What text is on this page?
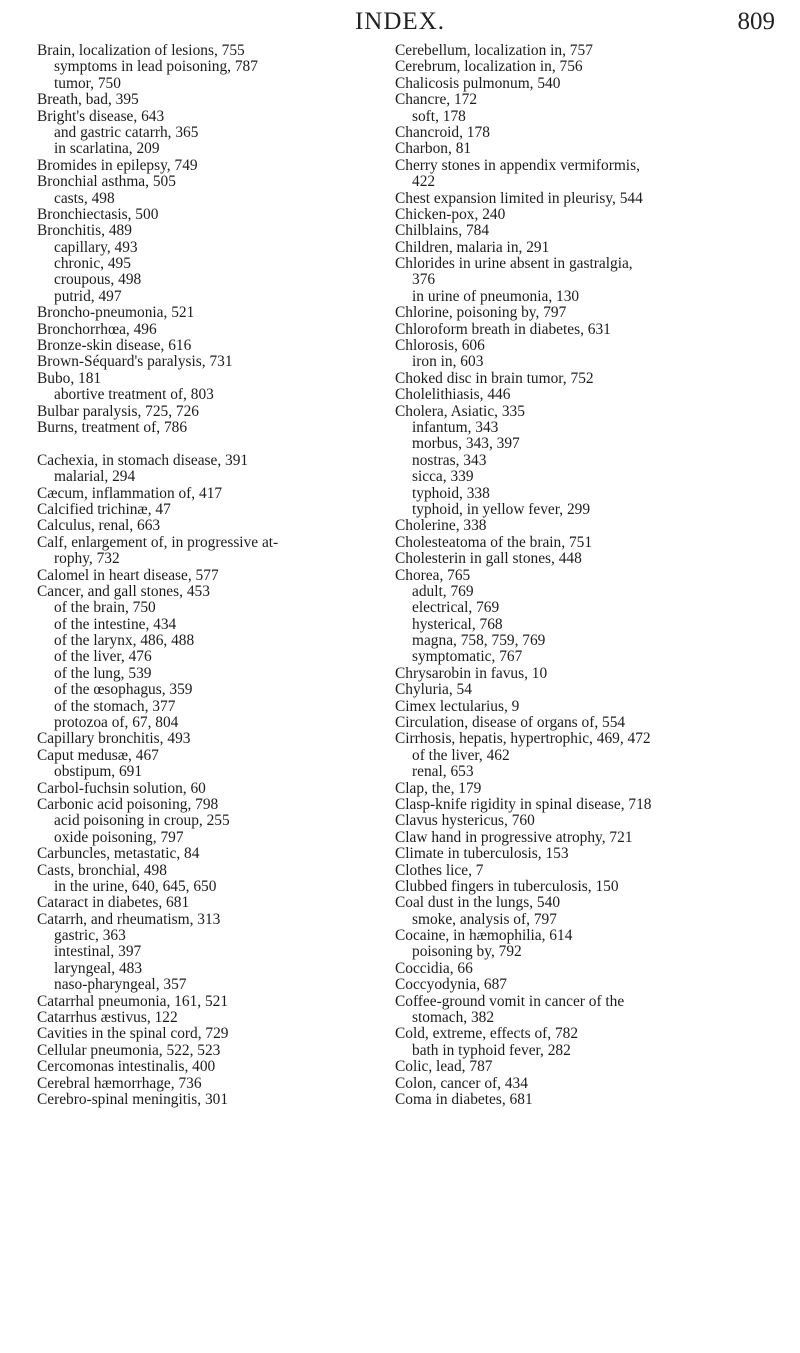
INDEX.	809
Brain, localization of lesions, 755
symptoms in lead poisoning, 787
tumor, 750
Breath, bad, 395
Bright's disease, 643
and gastric catarrh, 365
in scarlatina, 209
Bromides in epilepsy, 749
Bronchial asthma, 505
casts, 498
Bronchiectasis, 500
Bronchitis, 489
capillary, 493
chronic, 495
croupous, 498
putrid, 497
Broncho-pneumonia, 521
Bronchorrhœa, 496
Bronze-skin disease, 616
Brown-Séquard's paralysis, 731
Bubo, 181
abortive treatment of, 803
Bulbar paralysis, 725, 726
Burns, treatment of, 786
Cachexia, in stomach disease, 391
malarial, 294
Cæcum, inflammation of, 417
Calcified trichinæ, 47
Calculus, renal, 663
Calf, enlargement of, in progressive at-
rophy, 732
Calomel in heart disease, 577
Cancer, and gall stones, 453
of the brain, 750
of the intestine, 434
of the larynx, 486, 488
of the liver, 476
of the lung, 539
of the œsophagus, 359
of the stomach, 377
protozoa of, 67, 804
Capillary bronchitis, 493
Caput medusæ, 467
obstipum, 691
Carbol-fuchsin solution, 60
Carbonic acid poisoning, 798
acid poisoning in croup, 255
oxide poisoning, 797
Carbuncles, metastatic, 84
Casts, bronchial, 498
in the urine, 640, 645, 650
Cataract in diabetes, 681
Catarrh, and rheumatism, 313
gastric, 363
intestinal, 397
laryngeal, 483
naso-pharyngeal, 357
Catarrhal pneumonia, 161, 521
Catarrhus æstivus, 122
Cavities in the spinal cord, 729
Cellular pneumonia, 522, 523
Cercomonas intestinalis, 400
Cerebral hæmorrhage, 736
Cerebro-spinal meningitis, 301
Cerebellum, localization in, 757
Cerebrum, localization in, 756
Chalicosis pulmonum, 540
Chancre, 172
soft, 178
Chancroid, 178
Charbon, 81
Cherry stones in appendix vermiformis,
422
Chest expansion limited in pleurisy, 544
Chicken-pox, 240
Chilblains, 784
Children, malaria in, 291
Chlorides in urine absent in gastralgia,
376
in urine of pneumonia, 130
Chlorine, poisoning by, 797
Chloroform breath in diabetes, 631
Chlorosis, 606
iron in, 603
Choked disc in brain tumor, 752
Cholelithiasis, 446
Cholera, Asiatic, 335
infantum, 343
morbus, 343, 397
nostras, 343
sicca, 339
typhoid, 338
typhoid, in yellow fever, 299
Cholerine, 338
Cholesteatoma of the brain, 751
Cholesterin in gall stones, 448
Chorea, 765
adult, 769
electrical, 769
hysterical, 768
magna, 758, 759, 769
symptomatic, 767
Chrysarobin in favus, 10
Chyluria, 54
Cimex lectularius, 9
Circulation, disease of organs of, 554
Cirrhosis, hepatis, hypertrophic, 469, 472
of the liver, 462
renal, 653
Clap, the, 179
Clasp-knife rigidity in spinal disease, 718
Clavus hystericus, 760
Claw hand in progressive atrophy, 721
Climate in tuberculosis, 153
Clothes lice, 7
Clubbed fingers in tuberculosis, 150
Coal dust in the lungs, 540
smoke, analysis of, 797
Cocaine, in hæmophilia, 614
poisoning by, 792
Coccidia, 66
Coccyodynia, 687
Coffee-ground vomit in cancer of the
stomach, 382
Cold, extreme, effects of, 782
bath in typhoid fever, 282
Colic, lead, 787
Colon, cancer of, 434
Coma in diabetes, 681
